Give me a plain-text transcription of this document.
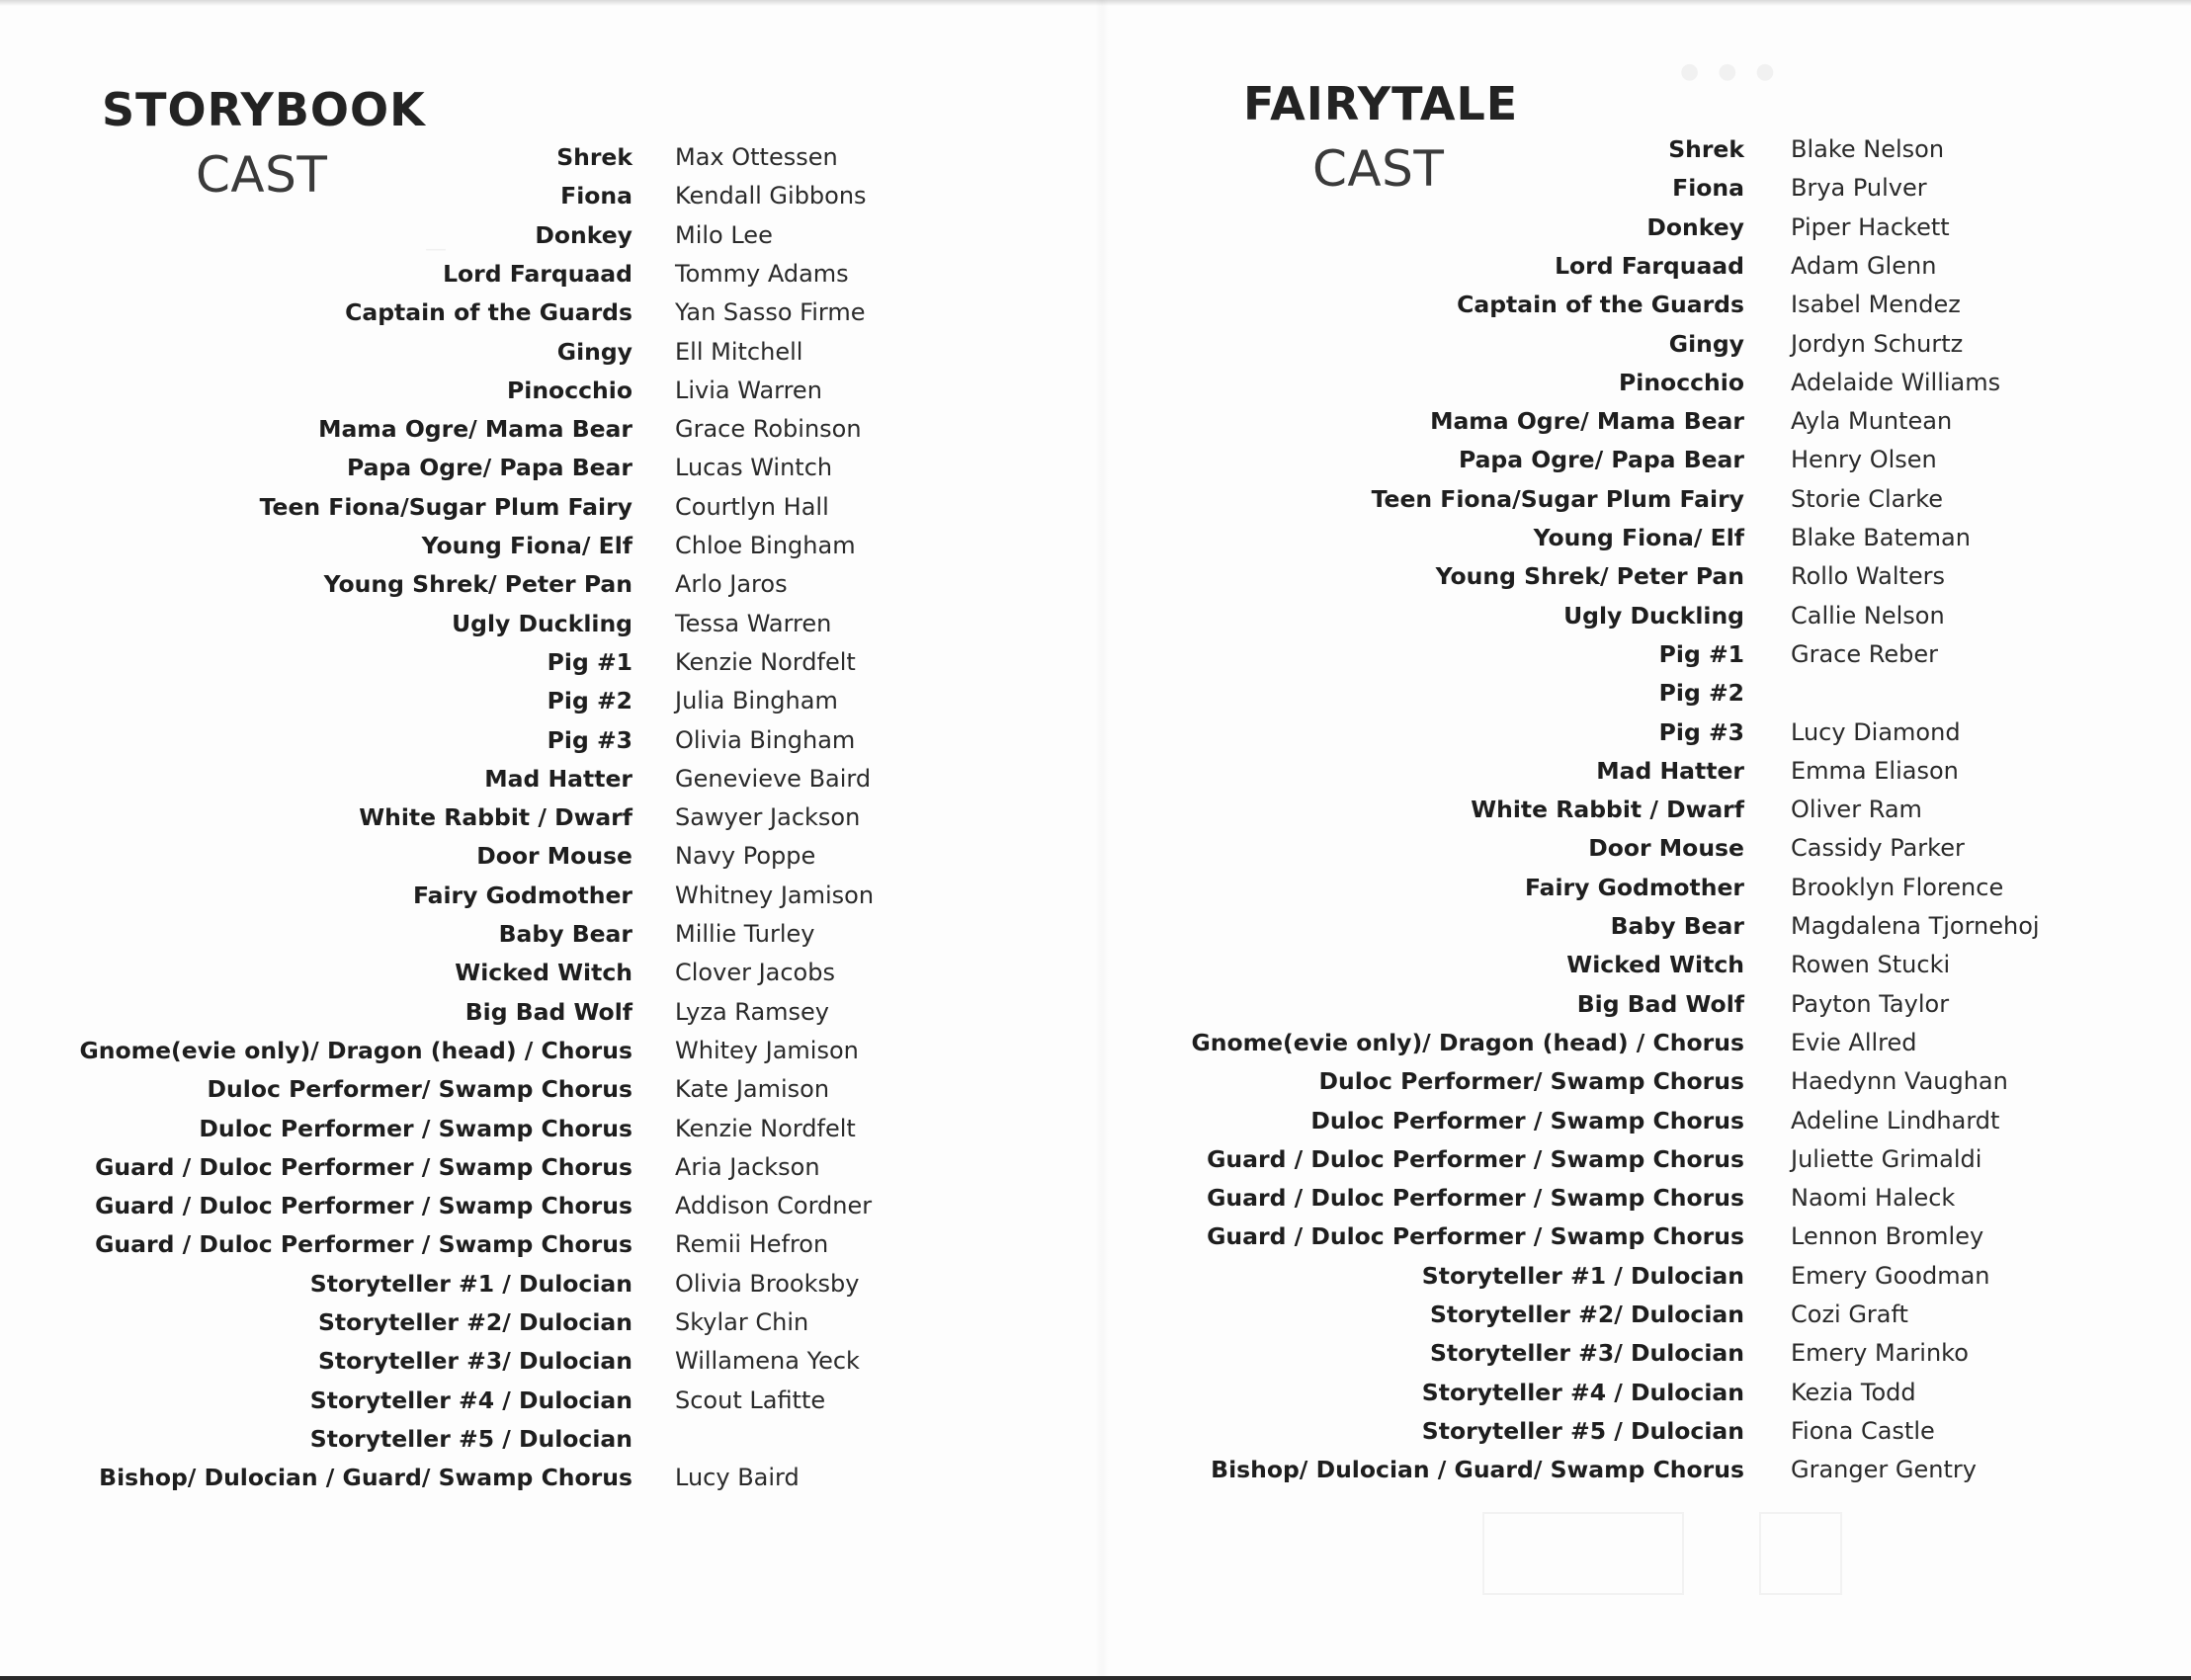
STORYBOOK
CAST	Shrek Max Ottessen
Fiona Kendall Gibbons
Donkey Milo Lee
Lord Farquaad Tommy Adams
Captain of the Guards Yan Sasso Firme
Gingy Ell Mitchell
Pinocchio Livia Warren
Mama Ogre/ Mama Bear Grace Robinson
Papa Ogre/ Papa Bear Lucas Wintch
Teen Fiona/Sugar Plum Fairy Courtlyn Hall
Young Fiona/ Elf Chloe Bingham
Young Shrek/ Peter Pan Arlo Jaros
Ugly Duckling Tessa Warren
Pig #1 Kenzie Nordfelt
Pig #2 Julia Bingham
Pig #3 Olivia Bingham
Mad Hatter Genevieve Baird
White Rabbit / Dwarf Sawyer Jackson
Door Mouse Navy Poppe
Fairy Godmother Whitney Jamison
Baby Bear Millie Turley
Wicked Witch Clover Jacobs
Big Bad Wolf Lyza Ramsey
Gnome(evie only)/ Dragon (head) / Chorus Whitey Jamison
Duloc Performer/ Swamp Chorus Kate Jamison
Duloc Performer / Swamp Chorus Kenzie Nordfelt
Guard / Duloc Performer / Swamp Chorus Aria Jackson
Guard / Duloc Performer / Swamp Chorus Addison Cordner
Guard / Duloc Performer / Swamp Chorus Remii Hefron
Storyteller #1 / Dulocian Olivia Brooksby
Storyteller #2/ Dulocian Skylar Chin
Storyteller #3/ Dulocian Willamena Yeck
Storyteller #4 / Dulocian Scout Lafitte
Storyteller #5 / Dulocian
Bishop/ Dulocian / Guard/ Swamp Chorus Lucy Baird
FAIRYTALE
CAST	Shrek Blake Nelson
Fiona Brya Pulver
Donkey Piper Hackett
Lord Farquaad Adam Glenn
Captain of the Guards Isabel Mendez
Gingy Jordyn Schurtz
Pinocchio Adelaide Williams
Mama Ogre/ Mama Bear Ayla Muntean
Papa Ogre/ Papa Bear Henry Olsen
Teen Fiona/Sugar Plum Fairy Storie Clarke
Young Fiona/ Elf Blake Bateman
Young Shrek/ Peter Pan Rollo Walters
Ugly Duckling Callie Nelson
Pig #1 Grace Reber
Pig #2
Pig #3 Lucy Diamond
Mad Hatter Emma Eliason
White Rabbit / Dwarf Oliver Ram
Door Mouse Cassidy Parker
Fairy Godmother Brooklyn Florence
Baby Bear Magdalena Tjornehoj
Wicked Witch Rowen Stucki
Big Bad Wolf Payton Taylor
Gnome(evie only)/ Dragon (head) / Chorus Evie Allred
Duloc Performer/ Swamp Chorus Haedynn Vaughan
Duloc Performer / Swamp Chorus Adeline Lindhardt
Guard / Duloc Performer / Swamp Chorus Juliette Grimaldi
Guard / Duloc Performer / Swamp Chorus Naomi Haleck
Guard / Duloc Performer / Swamp Chorus Lennon Bromley
Storyteller #1 / Dulocian Emery Goodman
Storyteller #2/ Dulocian Cozi Graft
Storyteller #3/ Dulocian Emery Marinko
Storyteller #4 / Dulocian Kezia Todd
Storyteller #5 / Dulocian Fiona Castle
Bishop/ Dulocian / Guard/ Swamp Chorus Granger Gentry
